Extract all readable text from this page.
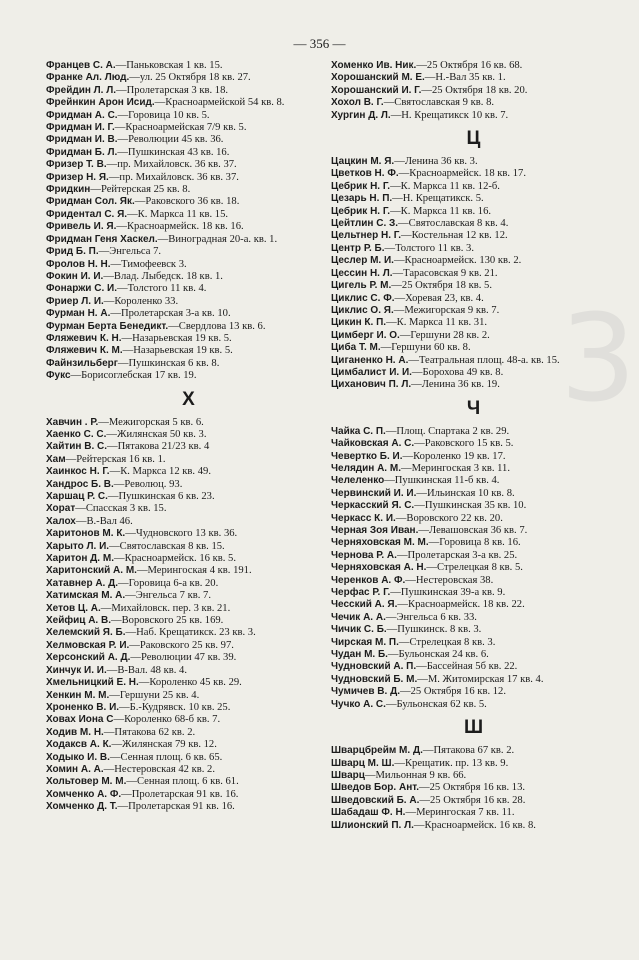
— 356 —
3
Францев С. А.—Паньковская 1 кв. 15.
Франке Ал. Люд.—ул. 25 Октября 18 кв. 27.
Фрейдин Л. Л.—Пролетарская 3 кв. 18.
Фрейнкин Арон Исид.—Красноармейской 54 кв. 8.
Фридман А. С.—Горовица 10 кв. 5.
Фридман И. Г.—Красноармейская 7/9 кв. 5.
Фридман И. В.—Революции 45 кв. 36.
Фридман Б. Л.—Пушкинская 43 кв. 16.
Фризер Т. В.—пр. Михайловск. 36 кв. 37.
Фризер Н. Я.—пр. Михайловск. 36 кв. 37.
Фридкин—Рейтерская 25 кв. 8.
Фридман Сол. Як.—Раковского 36 кв. 18.
Фридентал С. Я.—К. Маркса 11 кв. 15.
Фривель И. Я.—Красноармейск. 18 кв. 16.
Фридман Геня Хаскел.—Виноградная 20-а. кв. 1.
Фрид Б. П.—Энгельса 7.
Фролов Н. Н.—Тимофеевск 3.
Фокин И. И.—Влад. Лыбедск. 18 кв. 1.
Фонаржи С. И.—Толстого 11 кв. 4.
Фриер Л. И.—Короленко 33.
Фурман Н. А.—Пролетарская 3-а кв. 10.
Фурман Берта Бенедикт.—Свердлова 13 кв. 6.
Фляжевич К. Н.—Назарьевская 19 кв. 5.
Фляжевич К. М.—Назарьевская 19 кв. 5.
Файнзильберг—Пушкинская 6 кв. 8.
Фукс—Борисоглебская 17 кв. 19.
Х
Хавчин . Р.—Межигорская 5 кв. 6.
Хаенко С. С.—Жилянская 50 кв. 3.
Хайтин В. С.—Пятакова 21/23 кв. 4
Хам—Рейтерская 16 кв. 1.
Хаинкос Н. Г.—К. Маркса 12 кв. 49.
Хандрос Б. В.—Революц. 93.
Харшац Р. С.—Пушкинская 6 кв. 23.
Хорат—Спасская 3 кв. 15.
Халох—В.-Вал 46.
Харитонов М. К.—Чудновского 13 кв. 36.
Харыто Л. И.—Святославская 8 кв. 15.
Харитон Д. М.—Красноармейск. 16 кв. 5.
Харитонский А. М.—Мерингоская 4 кв. 191.
Хатавнер А. Д.—Горовица 6-а кв. 20.
Хатимская М. А.—Энгельса 7 кв. 7.
Хетов Ц. А.—Михайловск. пер. 3 кв. 21.
Хейфиц А. В.—Воровского 25 кв. 169.
Хелемский Я. Б.—Наб. Крещатикск. 23 кв. 3.
Хелмовская Р. И.—Раковского 25 кв. 97.
Херсонский А. Д.—Революции 47 кв. 39.
Хинчук И. И.—В-Вал. 48 кв. 4.
Хмельницкий Е. Н.—Короленко 45 кв. 29.
Хенкин М. М.—Гершуни 25 кв. 4.
Хроненко В. И.—Б.-Кудрявск. 10 кв. 25.
Ховах Иона С—Короленко 68-б кв. 7.
Ходив М. Н.—Пятакова 62 кв. 2.
Ходаксв А. К.—Жилянская 79 кв. 12.
Ходыко И. В.—Сенная площ. 6 кв. 65.
Хомин А. А.—Нестеровская 42 кв. 2.
Хольтовер М. М.—Сенная площ. 6 кв. 61.
Хомченко А. Ф.—Пролетарская 91 кв. 16.
Хомченко Д. Т.—Пролетарская 91 кв. 16.
Хоменко Ив. Ник.—25 Октября 16 кв. 68.
Хорошанский М. Е.—Н.-Вал 35 кв. 1.
Хорошанский И. Г.—25 Октября 18 кв. 20.
Хохол В. Г.—Святославская 9 кв. 8.
Хургин Д. Л.—Н. Крещатикск 10 кв. 7.
Ц
Цацкин М. Я.—Ленина 36 кв. 3.
Цветков Н. Ф.—Красноармейск. 18 кв. 17.
Цебрик Н. Г.—К. Маркса 11 кв. 12-б.
Цезарь Н. П.—Н. Крещатикск. 5.
Цебрик Н. Г.—К. Маркса 11 кв. 16.
Цейтлин С. З.—Святославская 8 кв. 4.
Цельтнер Н. Г.—Костельная 12 кв. 12.
Центр Р. Б.—Толстого 11 кв. 3.
Цеслер М. И.—Красноармейск. 130 кв. 2.
Цессин Н. Л.—Тарасовская 9 кв. 21.
Цигель Р. М.—25 Октября 18 кв. 5.
Циклис С. Ф.—Хоревая 23, кв. 4.
Циклис О. Я.—Межигорская 9 кв. 7.
Цикин К. П.—К. Маркса 11 кв. 31.
Цимберг И. О.—Гершуни 28 кв. 2.
Циба Т. М.—Гершуни 60 кв. 8.
Циганенко Н. А.—Театральная площ. 48-а. кв. 15.
Цимбалист И. И.—Борохова 49 кв. 8.
Циханович П. Л.—Ленина 36 кв. 19.
Ч
Чайка С. П.—Площ. Спартака 2 кв. 29.
Чайковская А. С.—Раковского 15 кв. 5.
Чевертко Б. И.—Короленко 19 кв. 17.
Челядин А. М.—Мерингоская 3 кв. 11.
Челеленко—Пушкинская 11-б кв. 4.
Червинский И. И.—Ильинская 10 кв. 8.
Черкасский Я. С.—Пушкинская 35 кв. 10.
Черкасс К. И.—Воровского 22 кв. 20.
Черная Зоя Иван.—Левашовская 36 кв. 7.
Черняховская М. М.—Горовица 8 кв. 16.
Чернова Р. А.—Пролетарская 3-а кв. 25.
Черняховская А. Н.—Стрелецкая 8 кв. 5.
Черенков А. Ф.—Нестеровская 38.
Черфас Р. Г.—Пушкинская 39-а кв. 9.
Чесский А. Я.—Красноармейск. 18 кв. 22.
Чечик А. А.—Энгельса 6 кв. 33.
Чичик С. Б.—Пушкинск. 8 кв. 3.
Чирская М. П.—Стрелецкая 8 кв. 3.
Чудан М. Б.—Бульонская 24 кв. 6.
Чудновский А. П.—Бассейная 5б кв. 22.
Чудновский Б. М.—М. Житомирская 17 кв. 4.
Чумичев В. Д.—25 Октября 16 кв. 12.
Чучко А. С.—Бульонская 62 кв. 5.
Ш
Шварцбрейм М. Д.—Пятакова 67 кв. 2.
Шварц М. Ш.—Крещатик. пр. 13 кв. 9.
Шварц—Мильонная 9 кв. 66.
Шведов Бор. Ант.—25 Октября 16 кв. 13.
Шведовский Б. А.—25 Октября 16 кв. 28.
Шабадаш Ф. Н.—Мерингоская 7 кв. 11.
Шлионский П. Л.—Красноармейск. 16 кв. 8.
